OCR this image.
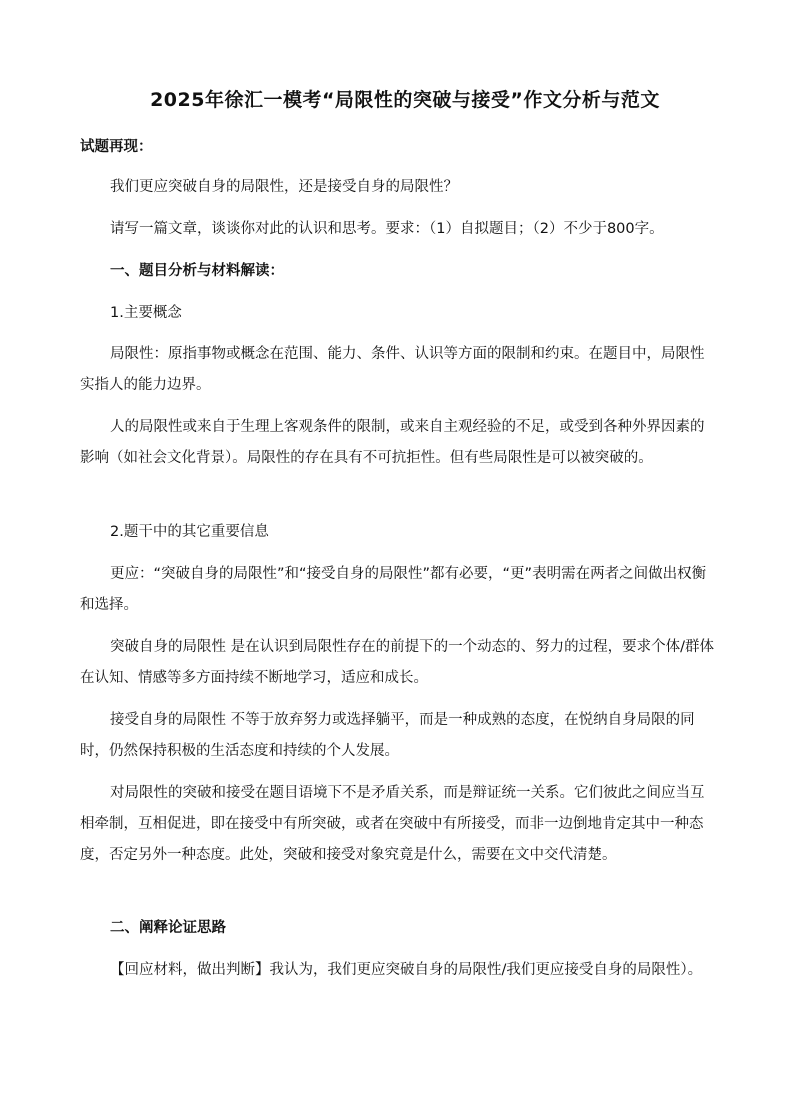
2025年徐汇一模考“局限性的突破与接受”作文分析与范文
试题再现：
我们更应突破自身的局限性，还是接受自身的局限性？
请写一篇文章，谈谈你对此的认识和思考。要求：（1）自拟题目；（2）不少于800字。
一、题目分析与材料解读：
1.主要概念
局限性：原指事物或概念在范围、能力、条件、认识等方面的限制和约束。在题目中，局限性实指人的能力边界。
人的局限性或来自于生理上客观条件的限制，或来自主观经验的不足，或受到各种外界因素的影响（如社会文化背景）。局限性的存在具有不可抗拒性。但有些局限性是可以被突破的。
2.题干中的其它重要信息
更应：“突破自身的局限性”和“接受自身的局限性”都有必要，“更”表明需在两者之间做出权衡和选择。
突破自身的局限性 是在认识到局限性存在的前提下的一个动态的、努力的过程，要求个体/群体在认知、情感等多方面持续不断地学习，适应和成长。
接受自身的局限性 不等于放弃努力或选择躺平，而是一种成熟的态度，在悦纳自身局限的同时，仍然保持积极的生活态度和持续的个人发展。
对局限性的突破和接受在题目语境下不是矛盾关系，而是辩证统一关系。它们彼此之间应当互相牵制，互相促进，即在接受中有所突破，或者在突破中有所接受，而非一边倒地肯定其中一种态度，否定另外一种态度。此处，突破和接受对象究竟是什么，需要在文中交代清楚。
二、阐释论证思路
【回应材料，做出判断】我认为，我们更应突破自身的局限性/我们更应接受自身的局限性）。
